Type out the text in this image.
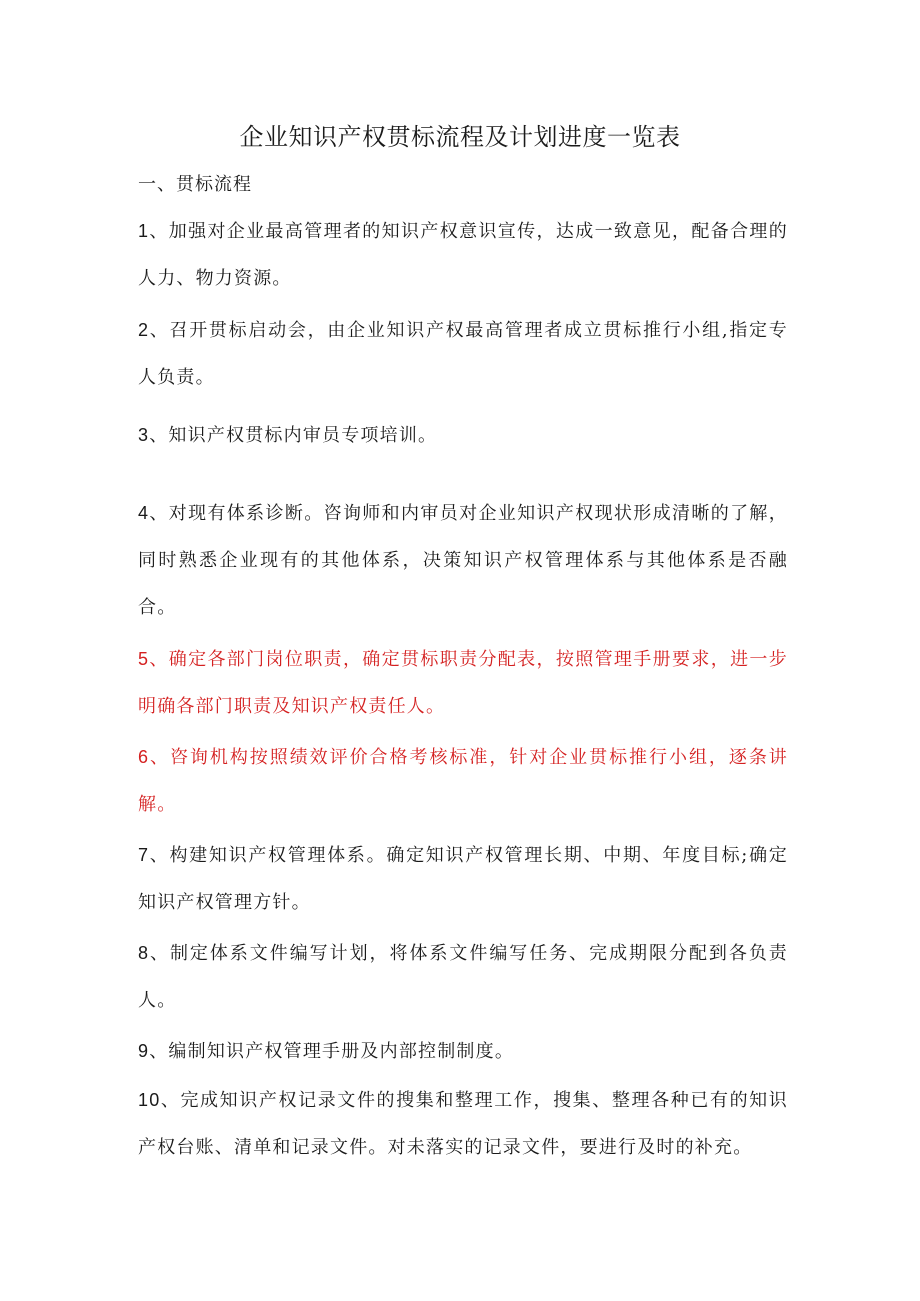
企业知识产权贯标流程及计划进度一览表
一、贯标流程

1、加强对企业最高管理者的知识产权意识宣传，达成一致意见，配备合理的人力、物力资源。

2、召开贯标启动会，由企业知识产权最高管理者成立贯标推行小组,指定专人负责。

3、知识产权贯标内审员专项培训。

4、对现有体系诊断。咨询师和内审员对企业知识产权现状形成清晰的了解，同时熟悉企业现有的其他体系，决策知识产权管理体系与其他体系是否融合。

5、确定各部门岗位职责，确定贯标职责分配表，按照管理手册要求，进一步明确各部门职责及知识产权责任人。

6、咨询机构按照绩效评价合格考核标准，针对企业贯标推行小组，逐条讲解。

7、构建知识产权管理体系。确定知识产权管理长期、中期、年度目标;确定知识产权管理方针。

8、制定体系文件编写计划，将体系文件编写任务、完成期限分配到各负责人。

9、编制知识产权管理手册及内部控制制度。

10、完成知识产权记录文件的搜集和整理工作，搜集、整理各种已有的知识产权台账、清单和记录文件。对未落实的记录文件，要进行及时的补充。
